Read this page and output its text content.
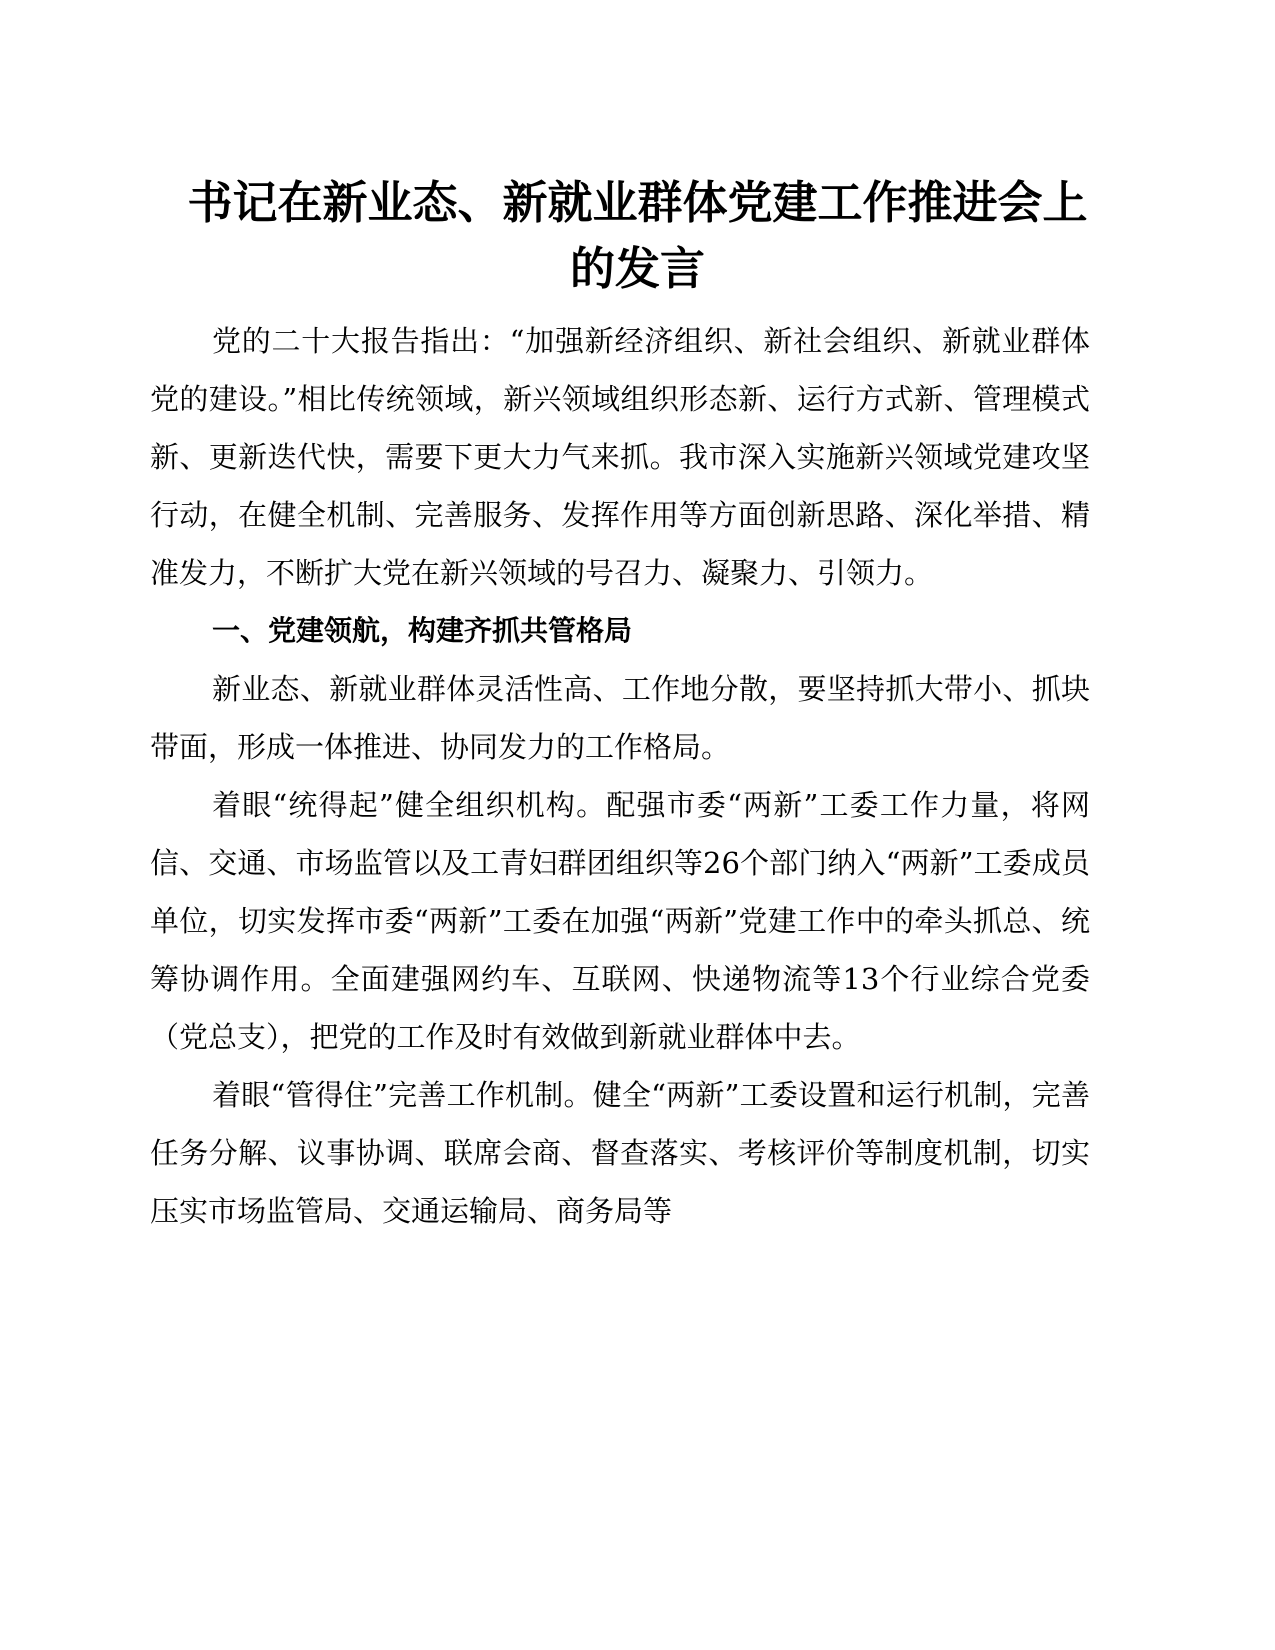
书记在新业态、新就业群体党建工作推进会上
的发言

党的二十大报告指出：“加强新经济组织、新社会组织、新就业群体党的建设。”相比传统领域，新兴领域组织形态新、运行方式新、管理模式新、更新迭代快，需要下更大力气来抓。我市深入实施新兴领域党建攻坚行动，在健全机制、完善服务、发挥作用等方面创新思路、深化举措、精准发力，不断扩大党在新兴领域的号召力、凝聚力、引领力。

一、党建领航，构建齐抓共管格局

新业态、新就业群体灵活性高、工作地分散，要坚持抓大带小、抓块带面，形成一体推进、协同发力的工作格局。

着眼“统得起”健全组织机构。配强市委“两新”工委工作力量，将网信、交通、市场监管以及工青妇群团组织等26个部门纳入“两新”工委成员单位，切实发挥市委“两新”工委在加强“两新”党建工作中的牵头抓总、统筹协调作用。全面建强网约车、互联网、快递物流等13个行业综合党委（党总支），把党的工作及时有效做到新就业群体中去。

着眼“管得住”完善工作机制。健全“两新”工委设置和运行机制，完善任务分解、议事协调、联席会商、督查落实、考核评价等制度机制，切实压实市场监管局、交通运输局、商务局等
